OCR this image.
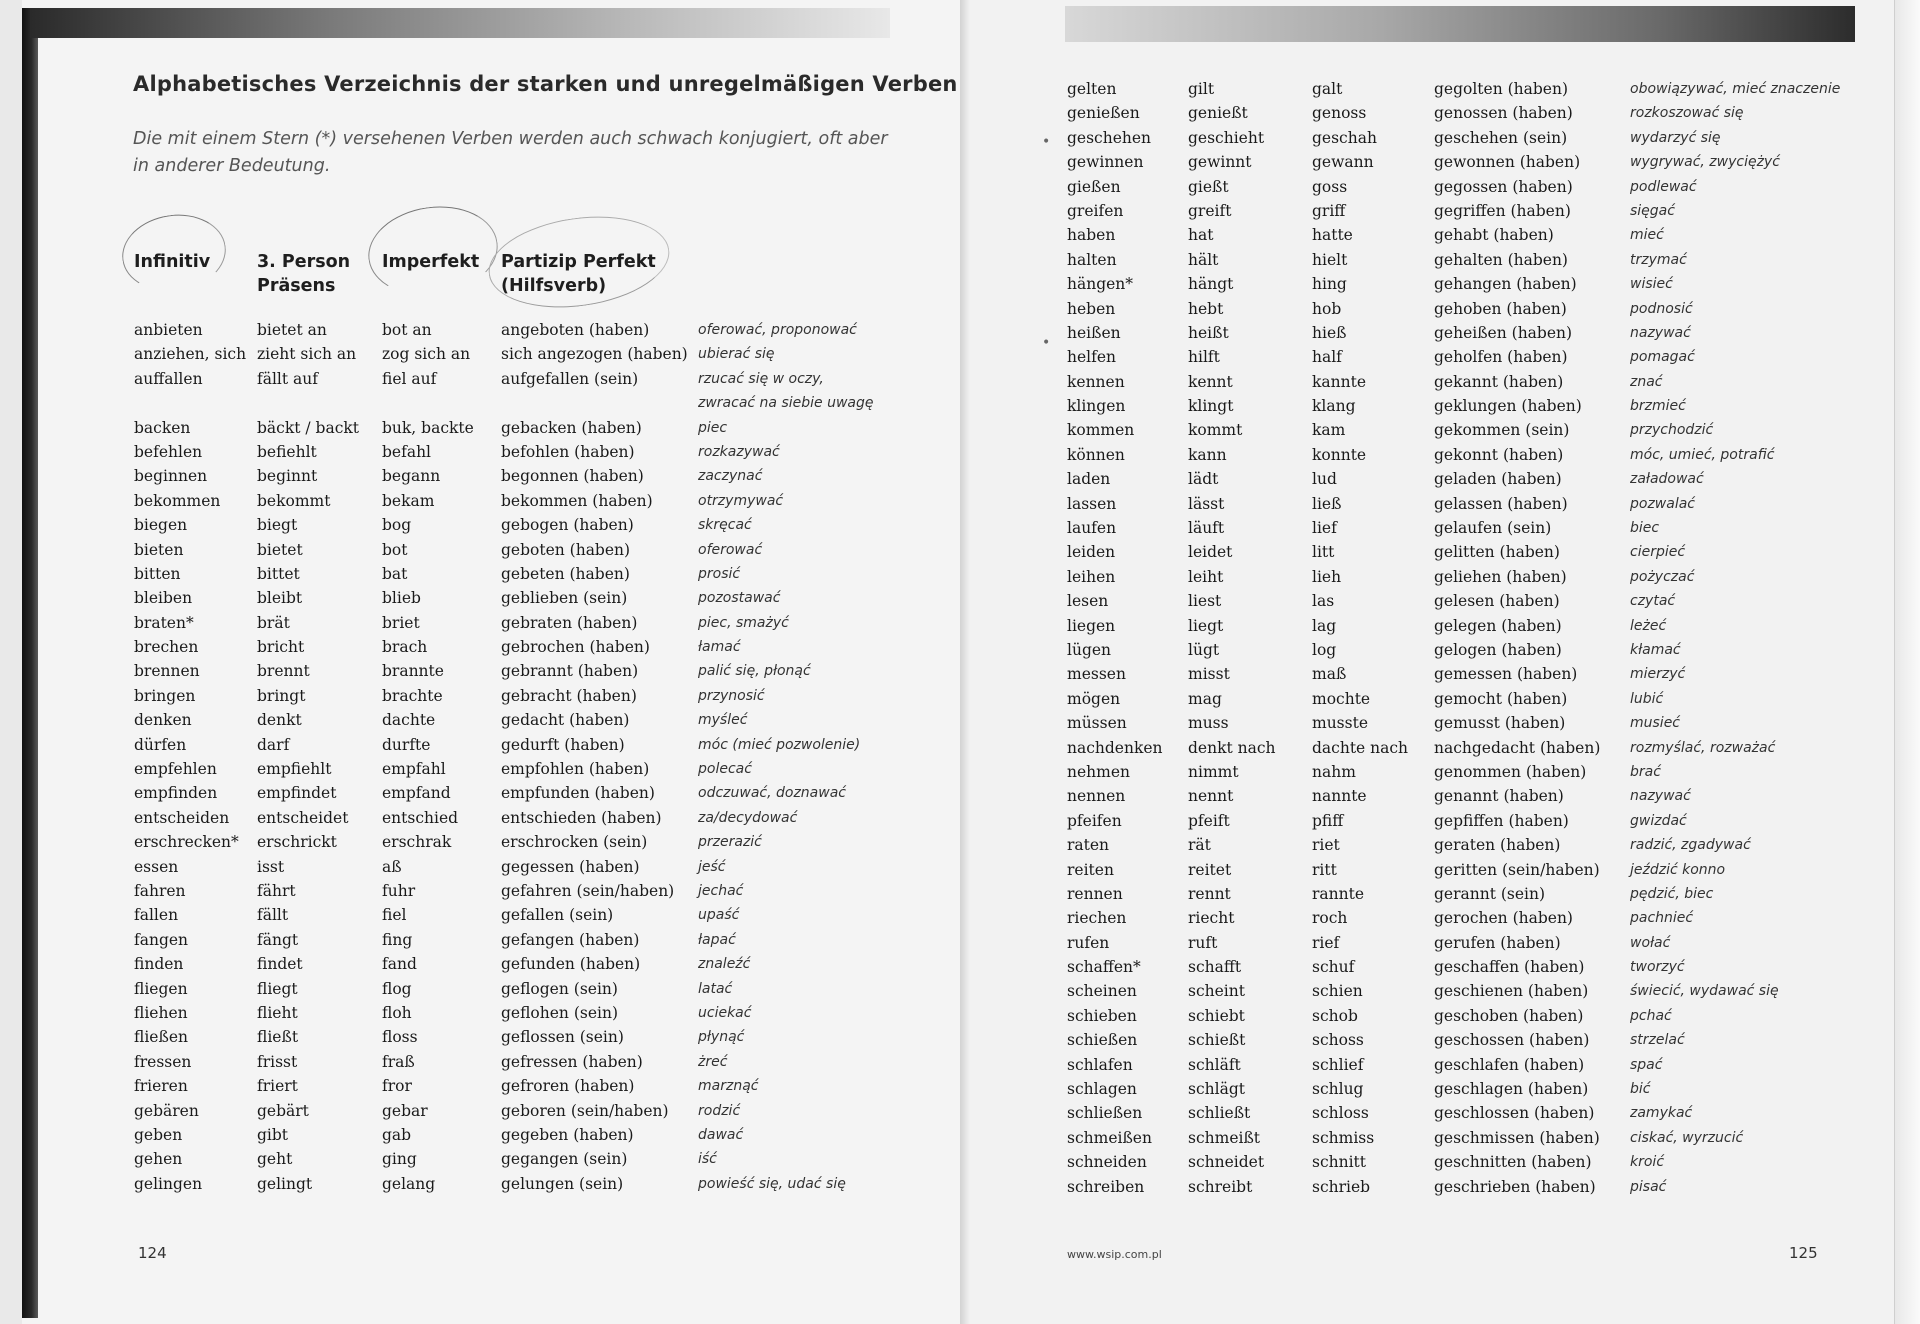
Alphabetisches Verzeichnis der starken und unregelmäßigen Verben

Die mit einem Stern (*) versehenen Verben werden auch schwach konjugiert, oft aber in anderer Bedeutung.

Infinitiv	3. Person
Präsens
Imperfekt Partizip Perfekt
(Hilfsverb)
anbieten
anziehen, sich
auffallen
backen
befehlen
beginnen
bekommen
biegen
bieten
bitten
bleiben
braten*
brechen
brennen
bringen
denken
dürfen
empfehlen
empfinden
entscheiden
erschrecken*
essen
fahren
fallen
fangen
finden
fliegen
fliehen
fließen
fressen
frieren
gebären
geben
gehen
gelingen
bietet an
zieht sich an
fällt auf
bäckt / backt
befiehlt
beginnt
bekommt
biegt
bietet
bittet
bleibt
brät
bricht
brennt
bringt
denkt
darf
empfiehlt
empfindet
entscheidet
erschrickt
isst
fährt
fällt
fängt
findet
fliegt
flieht
fließt
frisst
friert
gebärt
gibt
geht
gelingt
bot an
zog sich an
fiel auf
buk, backte
befahl
begann
bekam
bog
bot
bat
blieb
briet
brach
brannte
brachte
dachte
durfte
empfahl
empfand
entschied
erschrak
aß
fuhr
fiel
fing
fand
flog
floh
floss
fraß
fror
gebar
gab
ging
gelang
angeboten (haben)
sich angezogen (haben)
aufgefallen (sein)
gebacken (haben)
befohlen (haben)
begonnen (haben)
bekommen (haben)
gebogen (haben)
geboten (haben)
gebeten (haben)
geblieben (sein)
gebraten (haben)
gebrochen (haben)
gebrannt (haben)
gebracht (haben)
gedacht (haben)
gedurft (haben)
empfohlen (haben)
empfunden (haben)
entschieden (haben)
erschrocken (sein)
gegessen (haben)
gefahren (sein/haben)
gefallen (sein)
gefangen (haben)
gefunden (haben)
geflogen (sein)
geflohen (sein)
geflossen (sein)
gefressen (haben)
gefroren (haben)
geboren (sein/haben)
gegeben (haben)
gegangen (sein)
gelungen (sein)
oferować, proponować
ubierać się
rzucać się w oczy,
zwracać na siebie uwagę
piec
rozkazywać
zaczynać
otrzymywać
skręcać
oferować
prosić
pozostawać
piec, smażyć
łamać
palić się, płonąć
przynosić
myśleć
móc (mieć pozwolenie)
polecać
odczuwać, doznawać
za/decydować
przerazić
jeść
jechać
upaść
łapać
znaleźć
latać
uciekać
płynąć
żreć
marznąć
rodzić
dawać
iść
powieść się, udać się
124
•
•
gelten
genießen
geschehen
gewinnen
gießen
greifen
haben
halten
hängen*
heben
heißen
helfen
kennen
klingen
kommen
können
laden
lassen
laufen
leiden
leihen
lesen
liegen
lügen
messen
mögen
müssen
nachdenken
nehmen
nennen
pfeifen
raten
reiten
rennen
riechen
rufen
schaffen*
scheinen
schieben
schießen
schlafen
schlagen
schließen
schmeißen
schneiden
schreiben
gilt
genießt
geschieht
gewinnt
gießt
greift
hat
hält
hängt
hebt
heißt
hilft
kennt
klingt
kommt
kann
lädt
lässt
läuft
leidet
leiht
liest
liegt
lügt
misst
mag
muss
denkt nach
nimmt
nennt
pfeift
rät
reitet
rennt
riecht
ruft
schafft
scheint
schiebt
schießt
schläft
schlägt
schließt
schmeißt
schneidet
schreibt
galt
genoss
geschah
gewann
goss
griff
hatte
hielt
hing
hob
hieß
half
kannte
klang
kam
konnte
lud
ließ
lief
litt
lieh
las
lag
log
maß
mochte
musste
dachte nach
nahm
nannte
pfiff
riet
ritt
rannte
roch
rief
schuf
schien
schob
schoss
schlief
schlug
schloss
schmiss
schnitt
schrieb
gegolten (haben)
genossen (haben)
geschehen (sein)
gewonnen (haben)
gegossen (haben)
gegriffen (haben)
gehabt (haben)
gehalten (haben)
gehangen (haben)
gehoben (haben)
geheißen (haben)
geholfen (haben)
gekannt (haben)
geklungen (haben)
gekommen (sein)
gekonnt (haben)
geladen (haben)
gelassen (haben)
gelaufen (sein)
gelitten (haben)
geliehen (haben)
gelesen (haben)
gelegen (haben)
gelogen (haben)
gemessen (haben)
gemocht (haben)
gemusst (haben)
nachgedacht (haben)
genommen (haben)
genannt (haben)
gepfiffen (haben)
geraten (haben)
geritten (sein/haben)
gerannt (sein)
gerochen (haben)
gerufen (haben)
geschaffen (haben)
geschienen (haben)
geschoben (haben)
geschossen (haben)
geschlafen (haben)
geschlagen (haben)
geschlossen (haben)
geschmissen (haben)
geschnitten (haben)
geschrieben (haben)
obowiązywać, mieć znaczenie
rozkoszować się
wydarzyć się
wygrywać, zwyciężyć
podlewać
sięgać
mieć
trzymać
wisieć
podnosić
nazywać
pomagać
znać
brzmieć
przychodzić
móc, umieć, potrafić
załadować
pozwalać
biec
cierpieć
pożyczać
czytać
leżeć
kłamać
mierzyć
lubić
musieć
rozmyślać, rozważać
brać
nazywać
gwizdać
radzić, zgadywać
jeździć konno
pędzić, biec
pachnieć
wołać
tworzyć
świecić, wydawać się
pchać
strzelać
spać
bić
zamykać
ciskać, wyrzucić
kroić
pisać
www.wsip.com.pl	125
